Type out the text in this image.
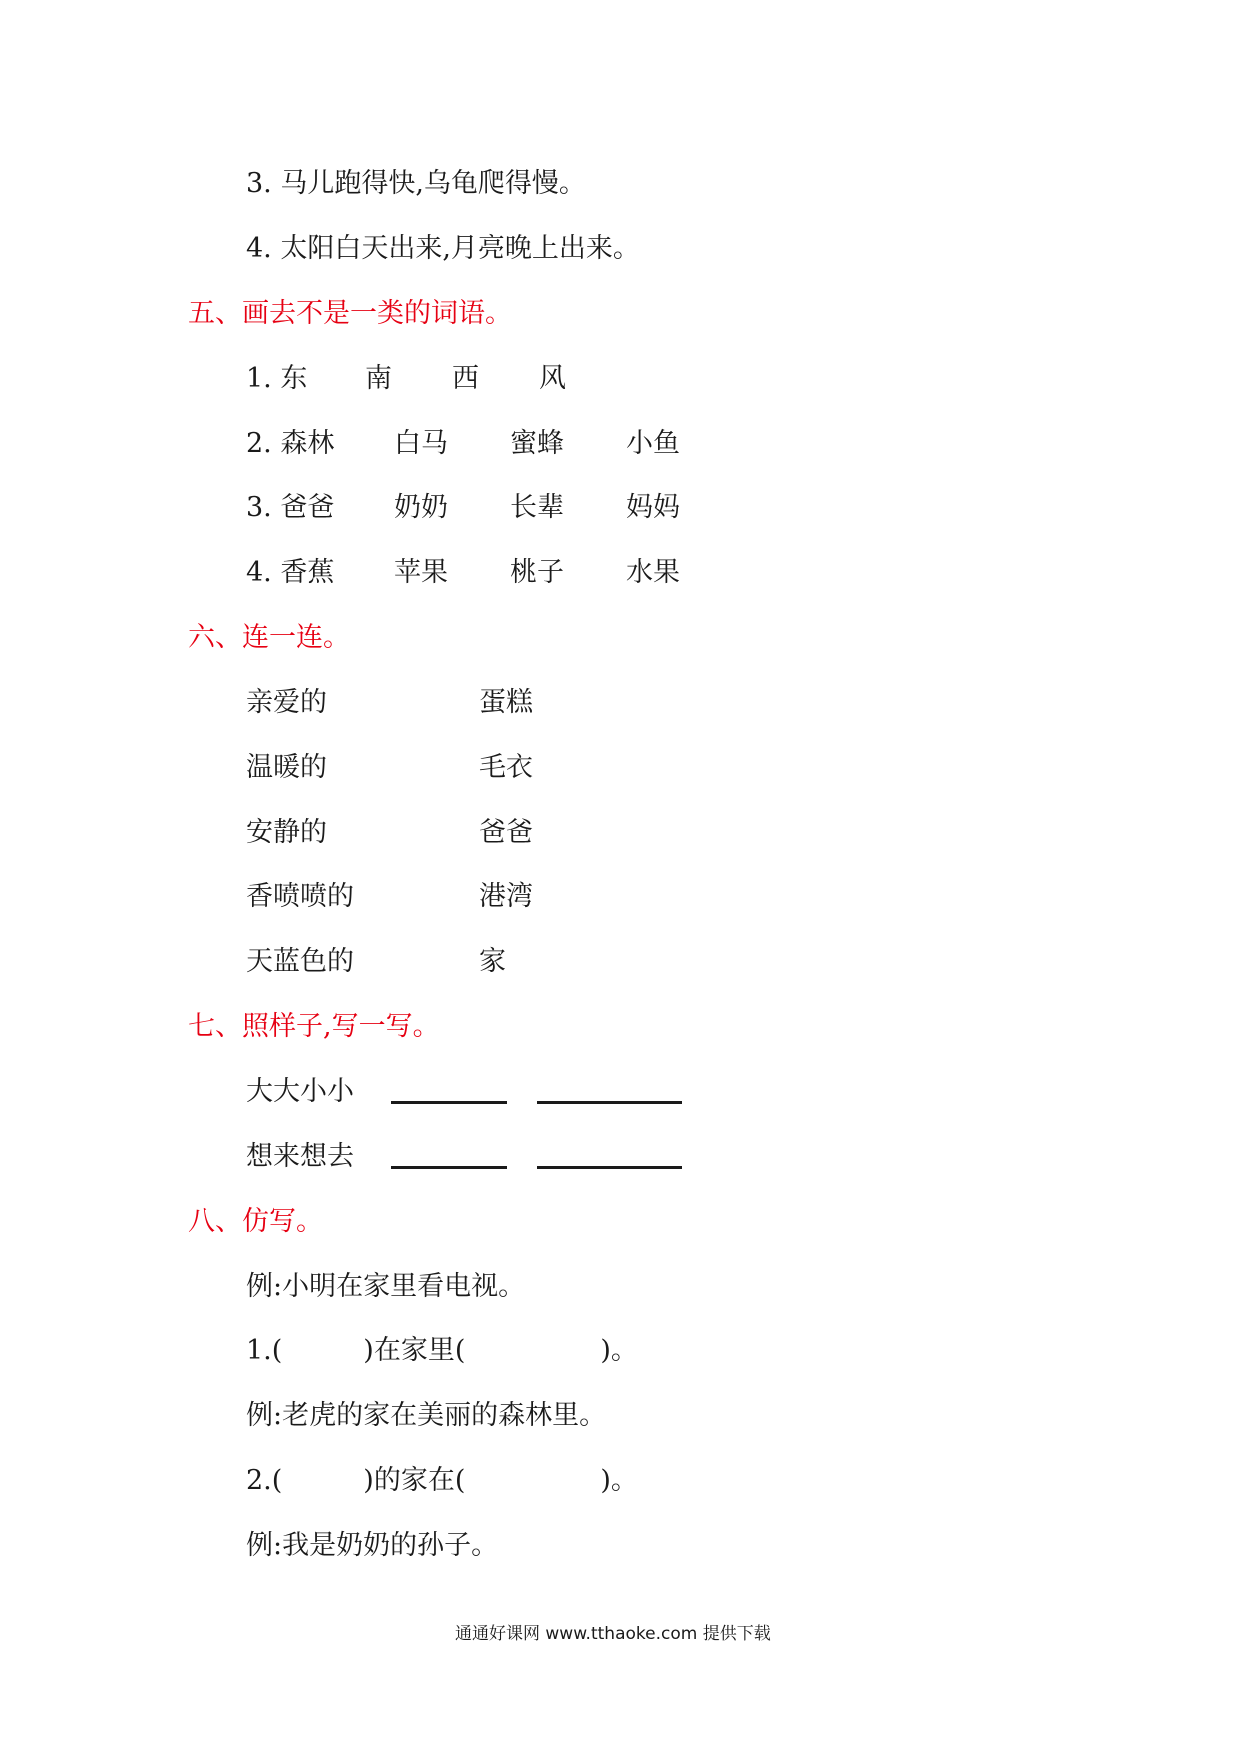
3. 马儿跑得快,乌龟爬得慢。
4. 太阳白天出来,月亮晚上出来。
五、画去不是一类的词语。
1. 东 南 西 风
2. 森林 白马 蜜蜂 小鱼
3. 爸爸 奶奶 长辈 妈妈
4. 香蕉 苹果 桃子 水果
六、连一连。
亲爱的	蛋糕
温暖的	毛衣
安静的	爸爸
香喷喷的	港湾
天蓝色的	家
七、照样子,写一写。
大大小小
想来想去
八、仿写。
例:小明在家里看电视。
1.(　　　)在家里(　　　　　)。
例:老虎的家在美丽的森林里。
2.(　　　)的家在(　　　　　)。
例:我是奶奶的孙子。
通通好课网 www.tthaoke.com 提供下载
